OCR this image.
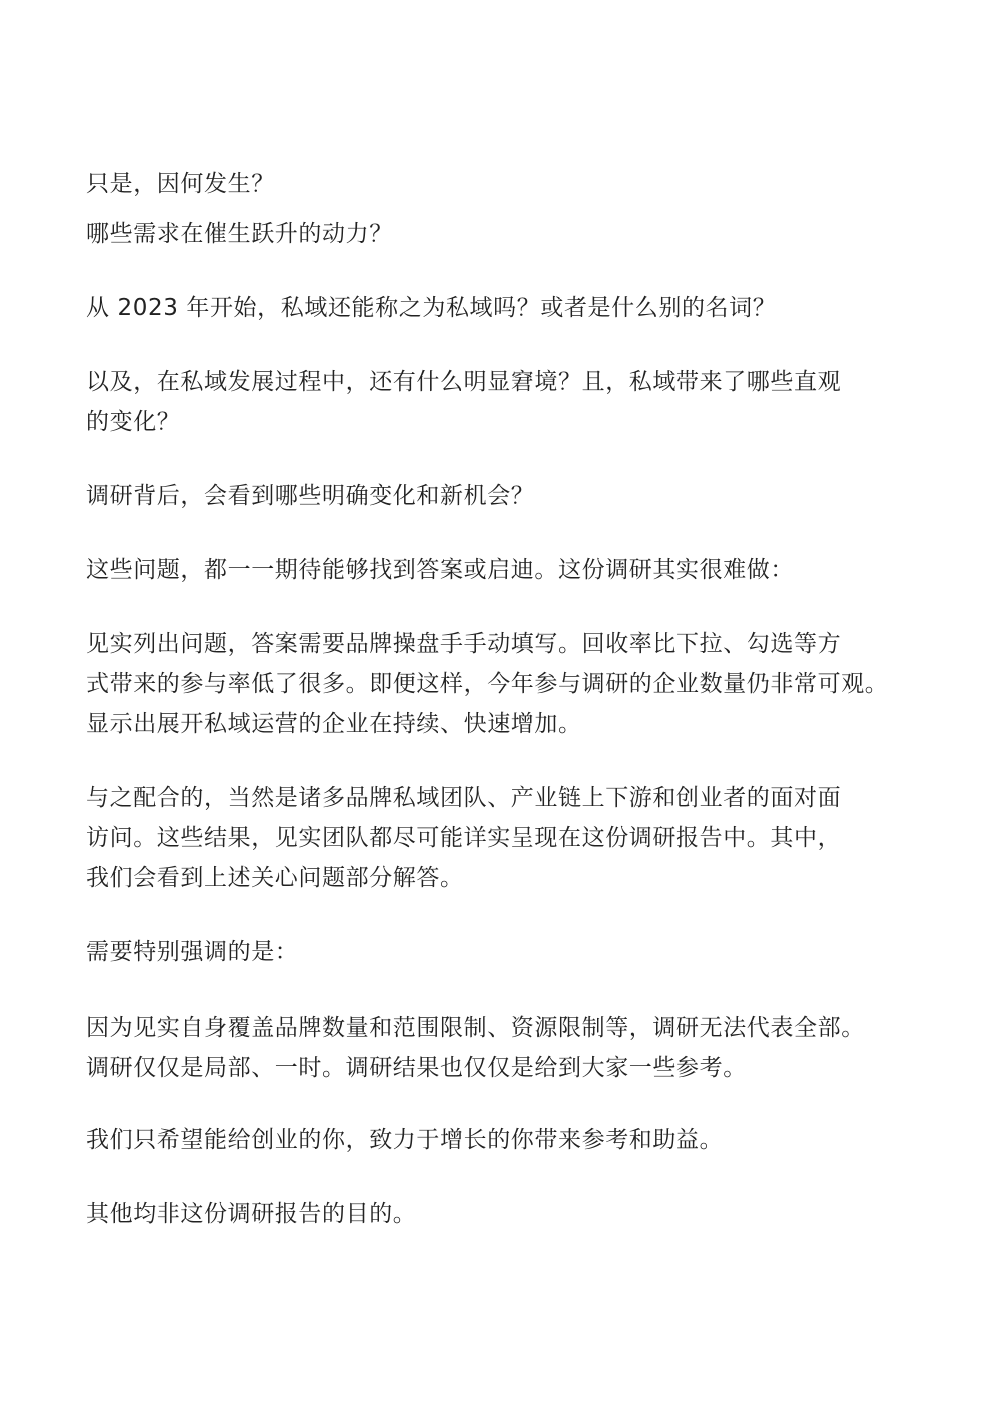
只是，因何发生？

哪些需求在催生跃升的动力？

从 2023 年开始，私域还能称之为私域吗？或者是什么别的名词？

以及，在私域发展过程中，还有什么明显窘境？且，私域带来了哪些直观

的变化？

调研背后，会看到哪些明确变化和新机会？

这些问题，都一一期待能够找到答案或启迪。这份调研其实很难做：

见实列出问题，答案需要品牌操盘手手动填写。回收率比下拉、勾选等方

式带来的参与率低了很多。即便这样，今年参与调研的企业数量仍非常可观。

显示出展开私域运营的企业在持续、快速增加。

与之配合的，当然是诸多品牌私域团队、产业链上下游和创业者的面对面

访问。这些结果，见实团队都尽可能详实呈现在这份调研报告中。其中，

我们会看到上述关心问题部分解答。

需要特别强调的是：

因为见实自身覆盖品牌数量和范围限制、资源限制等，调研无法代表全部。

调研仅仅是局部、一时。调研结果也仅仅是给到大家一些参考。

我们只希望能给创业的你，致力于增长的你带来参考和助益。

其他均非这份调研报告的目的。
